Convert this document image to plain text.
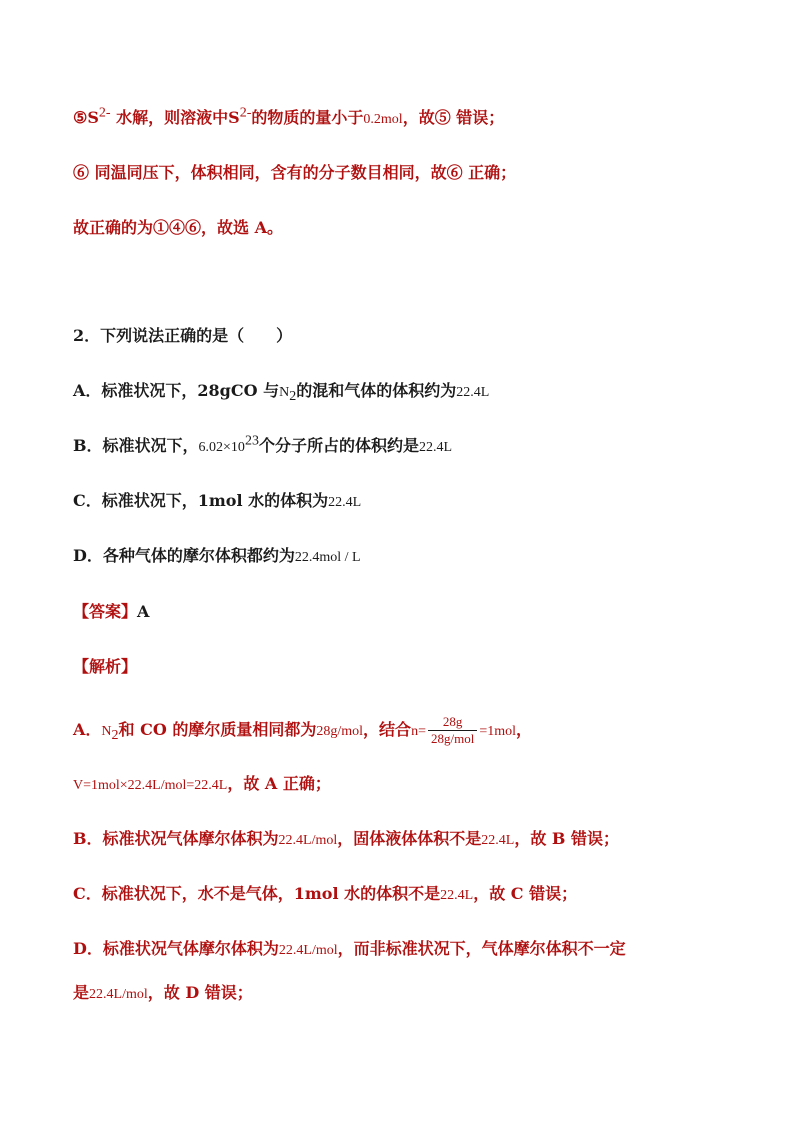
$⑤S^{2-}$ 水解，则溶液中$S^{2-}$的物质的量小于0.2mol，故⑤ 错误；
⑥ 同温同压下，体积相同，含有的分子数目相同，故⑥ 正确；
故正确的为①④⑥，故选 A。
2．下列说法正确的是（　　）
A．标准状况下，28gCO 与$N_2$的混和气体的体积约为22.4L
B．标准状况下，$6.02\times 10^{23}$个分子所占的体积约是22.4L
C．标准状况下，1mol 水的体积为22.4L
D．各种气体的摩尔体积都约为22.4mol / L
【答案】A
【解析】
A．$N_2$和 CO 的摩尔质量相同都为28g/mol，结合$n= \frac{28g}{\text{28g/mol}} =1mol$，
V=1mol×22.4L/mol=22.4L，故 A 正确；
B．标准状况气体摩尔体积为22.4L/mol，固体液体体积不是22.4L，故 B 错误；
C．标准状况下，水不是气体，1mol 水的体积不是22.4L，故 C 错误；
D．标准状况气体摩尔体积为22.4L/mol，而非标准状况下，气体摩尔体积不一定
是22.4L/mol，故 D 错误；
